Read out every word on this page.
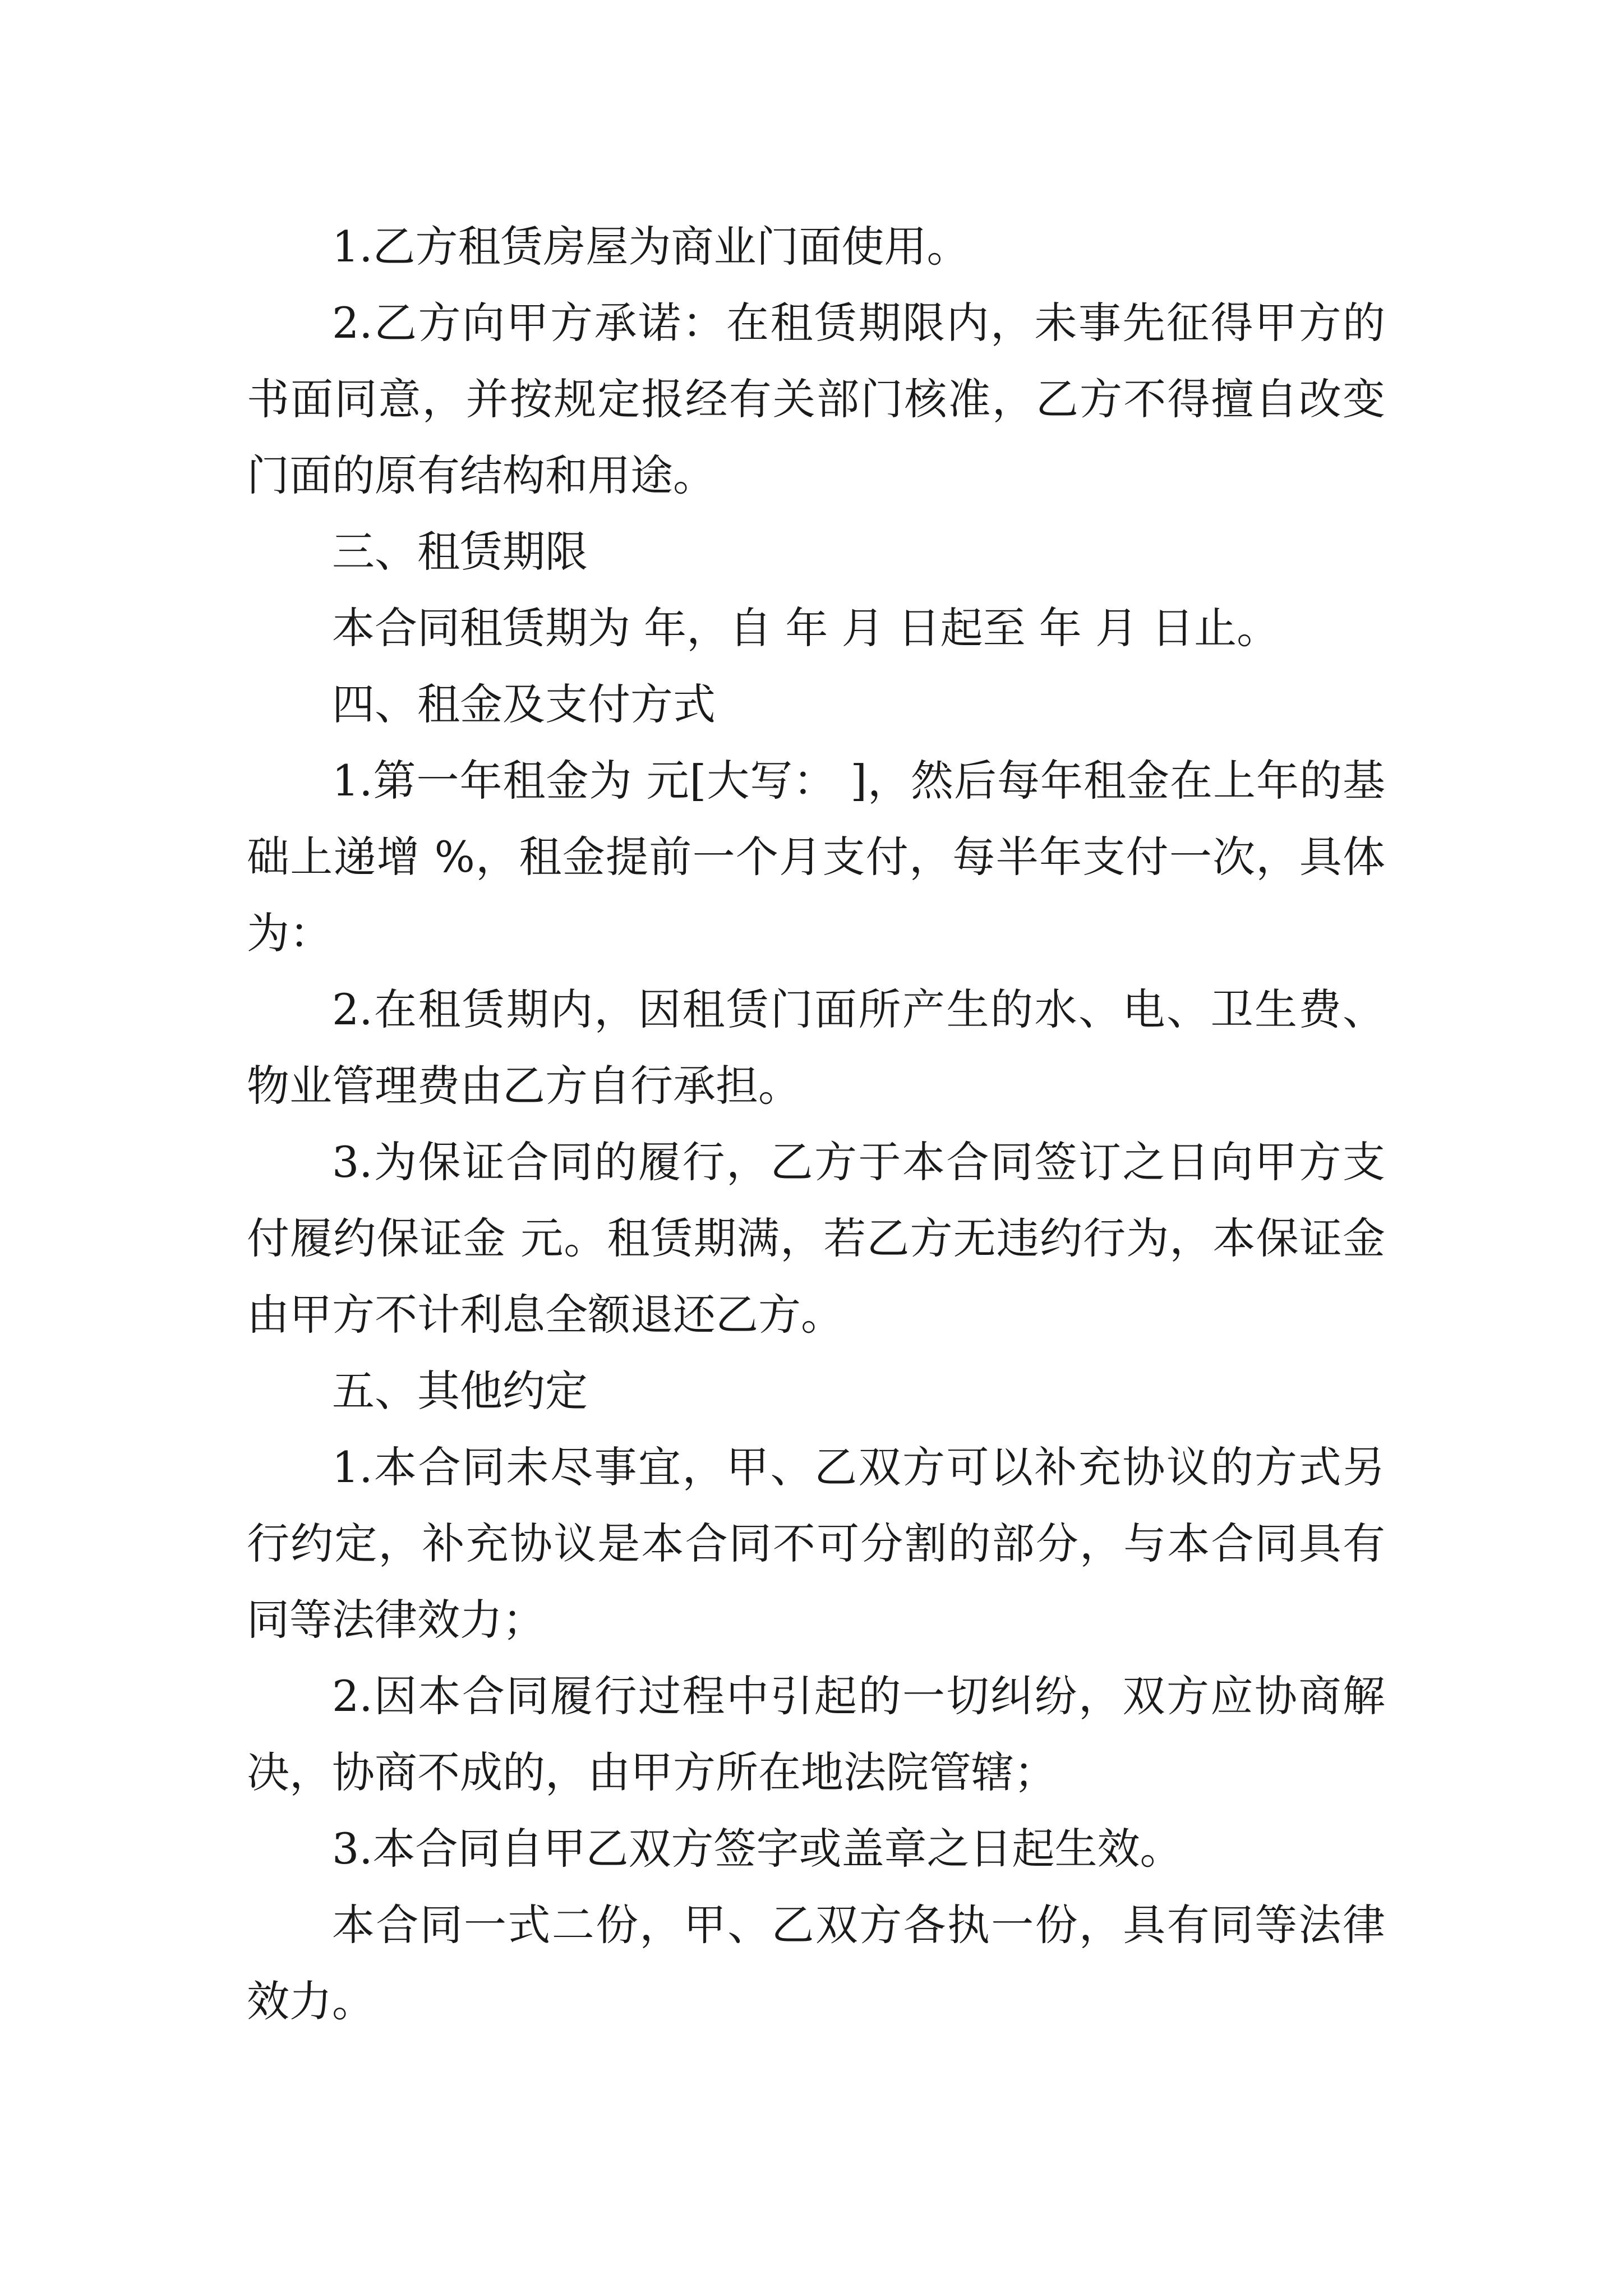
1.乙方租赁房屋为商业门面使用。

2.乙方向甲方承诺：在租赁期限内，未事先征得甲方的书面同意，并按规定报经有关部门核准，乙方不得擅自改变门面的原有结构和用途。

三、租赁期限

本合同租赁期为 年，自 年 月 日起至 年 月 日止。

四、租金及支付方式

1.第一年租金为 元[大写： ]，然后每年租金在上年的基础上递增 %，租金提前一个月支付，每半年支付一次，具体为：

2.在租赁期内，因租赁门面所产生的水、电、卫生费、物业管理费由乙方自行承担。

3.为保证合同的履行，乙方于本合同签订之日向甲方支付履约保证金 元。租赁期满，若乙方无违约行为，本保证金由甲方不计利息全额退还乙方。

五、其他约定

1.本合同未尽事宜，甲、乙双方可以补充协议的方式另行约定，补充协议是本合同不可分割的部分，与本合同具有同等法律效力；

2.因本合同履行过程中引起的一切纠纷，双方应协商解决，协商不成的，由甲方所在地法院管辖；

3.本合同自甲乙双方签字或盖章之日起生效。

本合同一式二份，甲、乙双方各执一份，具有同等法律效力。
